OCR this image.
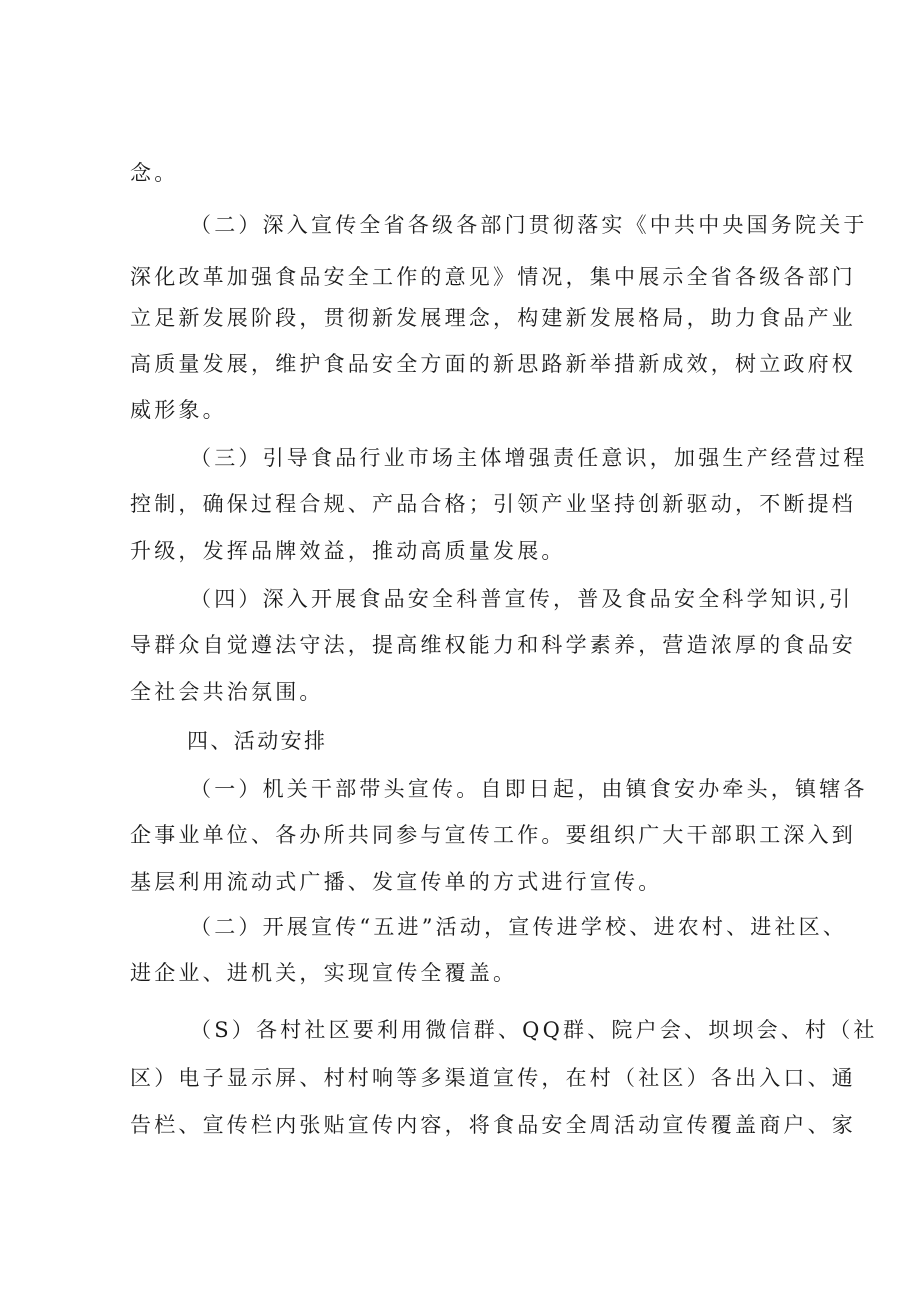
念。
（二）深入宣传全省各级各部门贯彻落实《中共中央国务院关于
深化改革加强食品安全工作的意见》情况，集中展示全省各级各部门
立足新发展阶段，贯彻新发展理念，构建新发展格局，助力食品产业
高质量发展，维护食品安全方面的新思路新举措新成效，树立政府权
威形象。
（三）引导食品行业市场主体增强责任意识，加强生产经营过程
控制，确保过程合规、产品合格；引领产业坚持创新驱动，不断提档
升级，发挥品牌效益，推动高质量发展。
（四）深入开展食品安全科普宣传，普及食品安全科学知识,引
导群众自觉遵法守法，提高维权能力和科学素养，营造浓厚的食品安
全社会共治氛围。
四、活动安排
（一）机关干部带头宣传。自即日起，由镇食安办牵头，镇辖各
企事业单位、各办所共同参与宣传工作。要组织广大干部职工深入到
基层利用流动式广播、发宣传单的方式进行宣传。
（二）开展宣传“五进”活动，宣传进学校、进农村、进社区、
进企业、进机关，实现宣传全覆盖。
（S）各村社区要利用微信群、QQ群、院户会、坝坝会、村（社
区）电子显示屏、村村响等多渠道宣传，在村（社区）各出入口、通
告栏、宣传栏内张贴宣传内容，将食品安全周活动宣传覆盖商户、家
